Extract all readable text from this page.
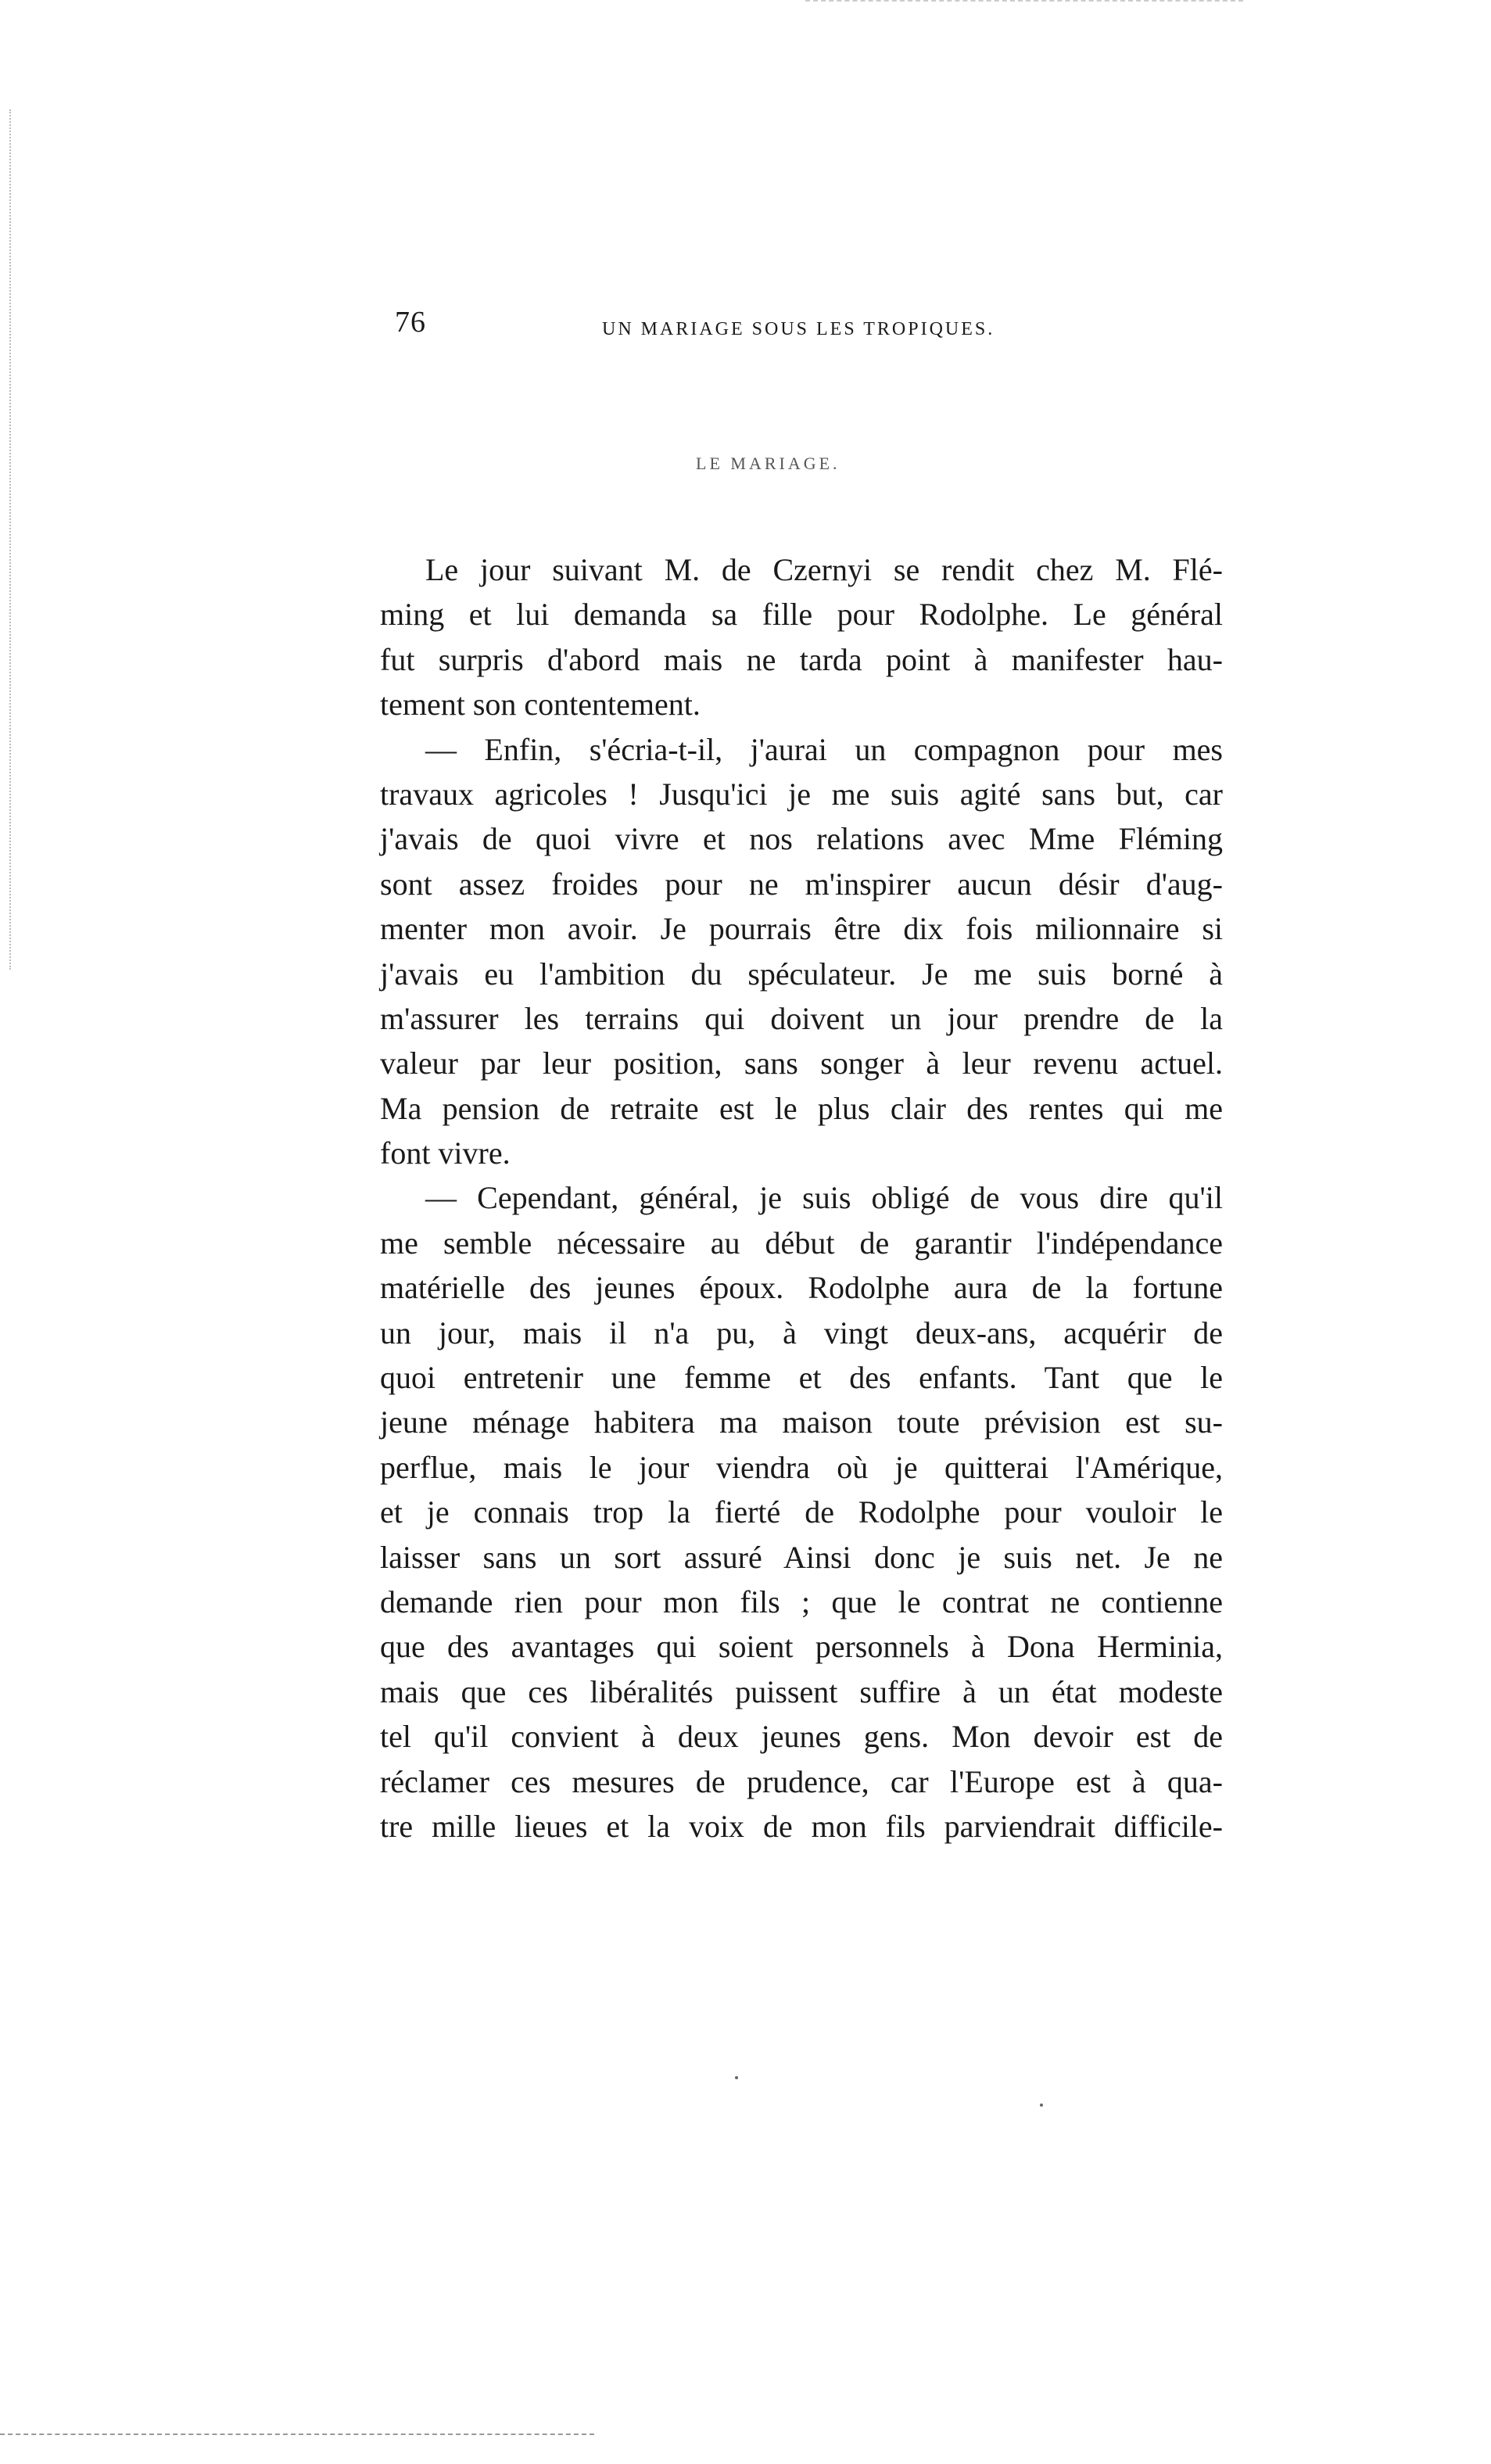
76	UN MARIAGE SOUS LES TROPIQUES.
LE MARIAGE.
Le jour suivant M. de Czernyi se rendit chez M. Flé-
ming et lui demanda sa fille pour Rodolphe. Le général
fut surpris d'abord mais ne tarda point à manifester hau-
tement son contentement.
— Enfin, s'écria-t-il, j'aurai un compagnon pour mes
travaux agricoles ! Jusqu'ici je me suis agité sans but, car
j'avais de quoi vivre et nos relations avec Mme Fléming
sont assez froides pour ne m'inspirer aucun désir d'aug-
menter mon avoir. Je pourrais être dix fois milionnaire si
j'avais eu l'ambition du spéculateur. Je me suis borné à
m'assurer les terrains qui doivent un jour prendre de la
valeur par leur position, sans songer à leur revenu actuel.
Ma pension de retraite est le plus clair des rentes qui me
font vivre.
— Cependant, général, je suis obligé de vous dire qu'il
me semble nécessaire au début de garantir l'indépendance
matérielle des jeunes époux. Rodolphe aura de la fortune
un jour, mais il n'a pu, à vingt deux-ans, acquérir de
quoi entretenir une femme et des enfants. Tant que le
jeune ménage habitera ma maison toute prévision est su-
perflue, mais le jour viendra où je quitterai l'Amérique,
et je connais trop la fierté de Rodolphe pour vouloir le
laisser sans un sort assuré Ainsi donc je suis net. Je ne
demande rien pour mon fils ; que le contrat ne contienne
que des avantages qui soient personnels à Dona Herminia,
mais que ces libéralités puissent suffire à un état modeste
tel qu'il convient à deux jeunes gens. Mon devoir est de
réclamer ces mesures de prudence, car l'Europe est à qua-
tre mille lieues et la voix de mon fils parviendrait difficile-
